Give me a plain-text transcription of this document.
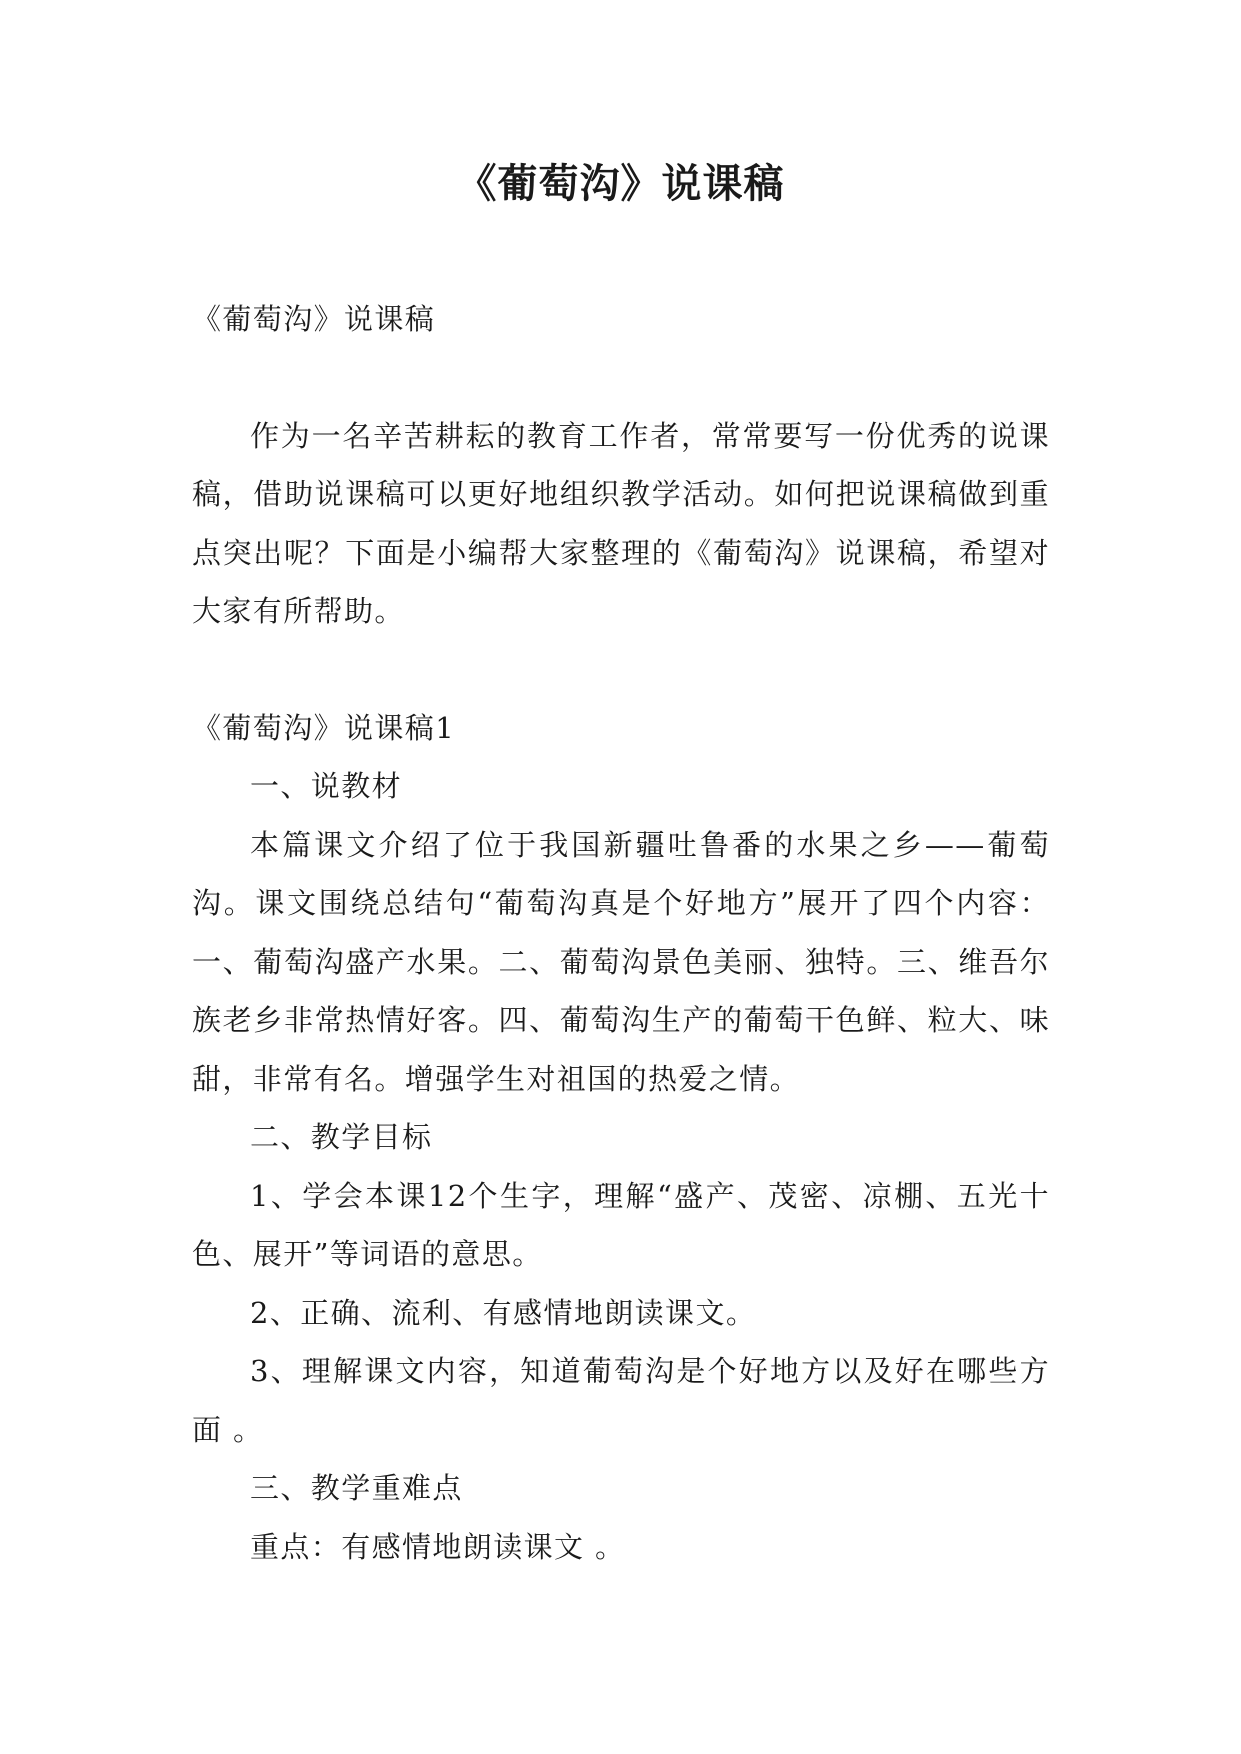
《葡萄沟》说课稿

《葡萄沟》说课稿

作为一名辛苦耕耘的教育工作者，常常要写一份优秀的说课稿，借助说课稿可以更好地组织教学活动。如何把说课稿做到重点突出呢？下面是小编帮大家整理的《葡萄沟》说课稿，希望对大家有所帮助。

《葡萄沟》说课稿1

一、说教材

本篇课文介绍了位于我国新疆吐鲁番的水果之乡——葡萄沟。课文围绕总结句“葡萄沟真是个好地方”展开了四个内容：一、葡萄沟盛产水果。二、葡萄沟景色美丽、独特。三、维吾尔族老乡非常热情好客。四、葡萄沟生产的葡萄干色鲜、粒大、味甜，非常有名。增强学生对祖国的热爱之情。

二、教学目标

1、学会本课12个生字，理解“盛产、茂密、凉棚、五光十色、展开”等词语的意思。

2、正确、流利、有感情地朗读课文。

3、理解课文内容，知道葡萄沟是个好地方以及好在哪些方面 。

三、教学重难点

重点：有感情地朗读课文 。
